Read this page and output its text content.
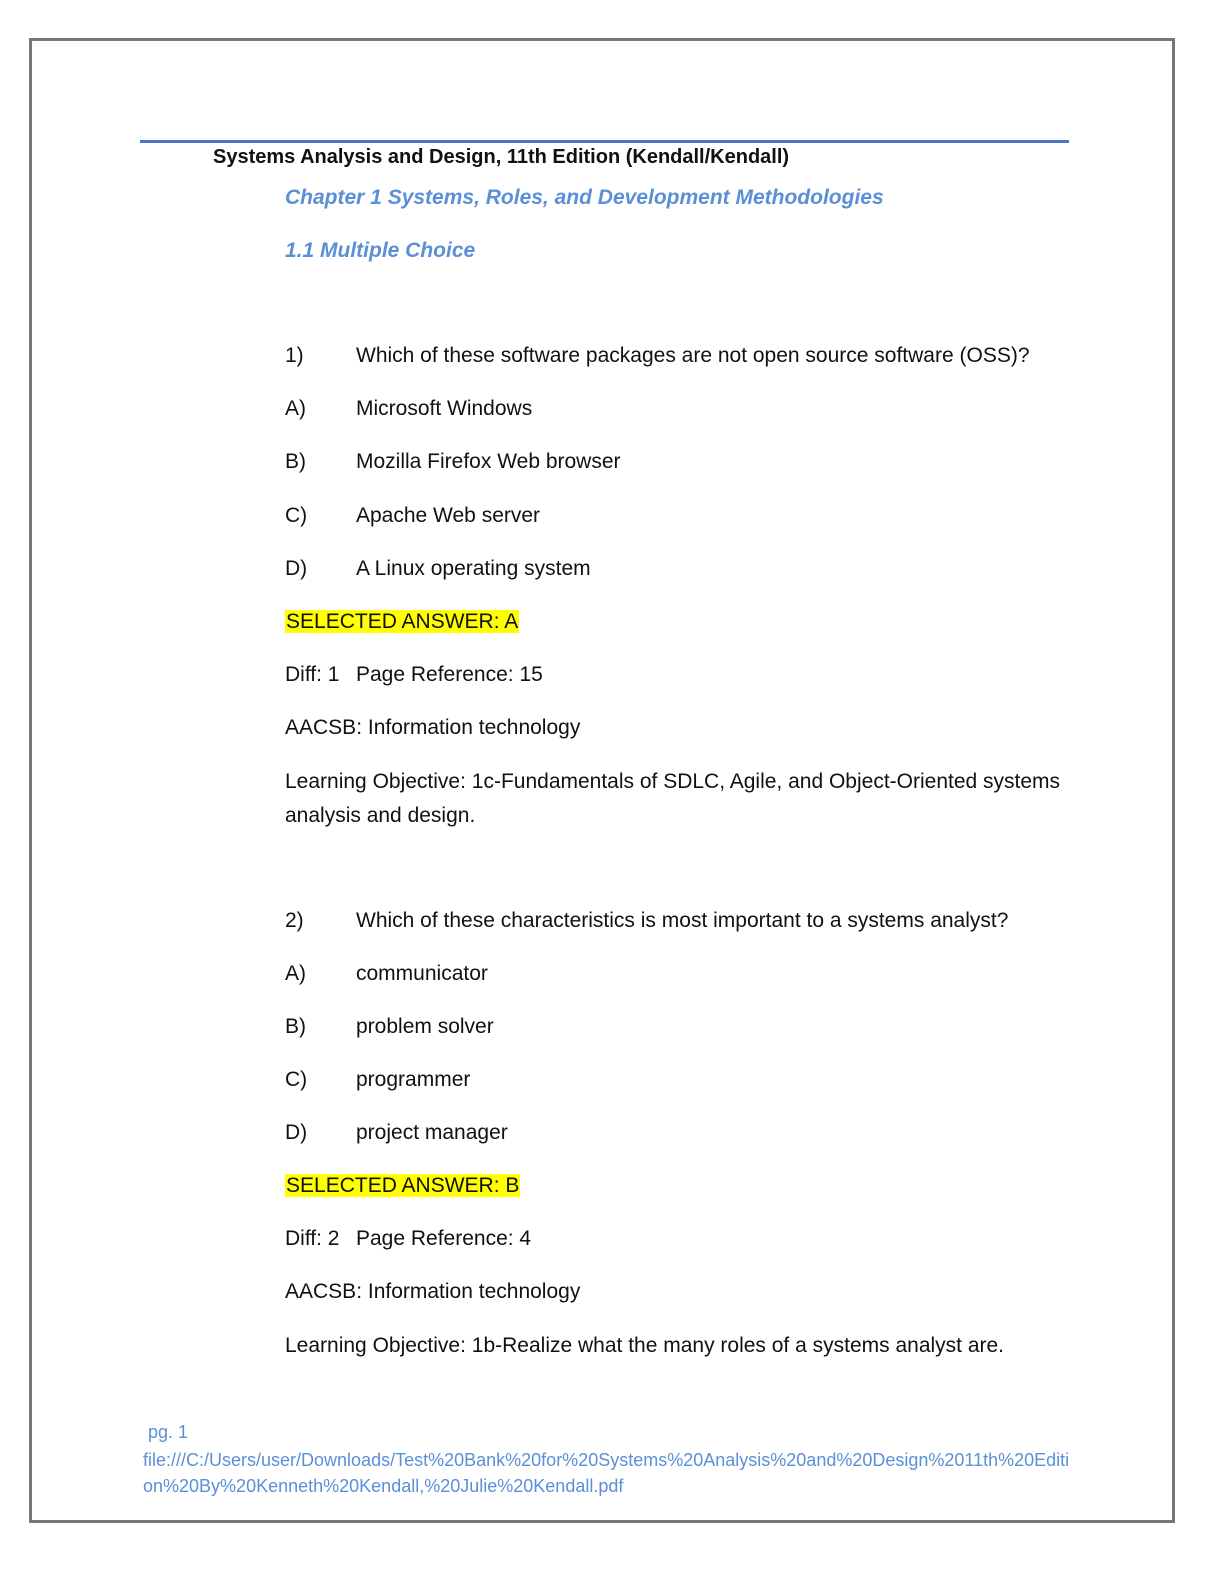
Systems Analysis and Design, 11th Edition (Kendall/Kendall)
Chapter 1 Systems, Roles, and Development Methodologies
1.1 Multiple Choice
1) Which of these software packages are not open source software (OSS)?
A) Microsoft Windows
B) Mozilla Firefox Web browser
C) Apache Web server
D) A Linux operating system
SELECTED ANSWER: A
Diff: 1 Page Reference: 15
AACSB: Information technology
Learning Objective: 1c-Fundamentals of SDLC, Agile, and Object-Oriented systems analysis and design.
2) Which of these characteristics is most important to a systems analyst?
A) communicator
B) problem solver
C) programmer
D) project manager
SELECTED ANSWER: B
Diff: 2 Page Reference: 4
AACSB: Information technology
Learning Objective: 1b-Realize what the many roles of a systems analyst are.
pg. 1
file:///C:/Users/user/Downloads/Test%20Bank%20for%20Systems%20Analysis%20and%20Design%2011th%20Edition%20By%20Kenneth%20Kendall,%20Julie%20Kendall.pdf
